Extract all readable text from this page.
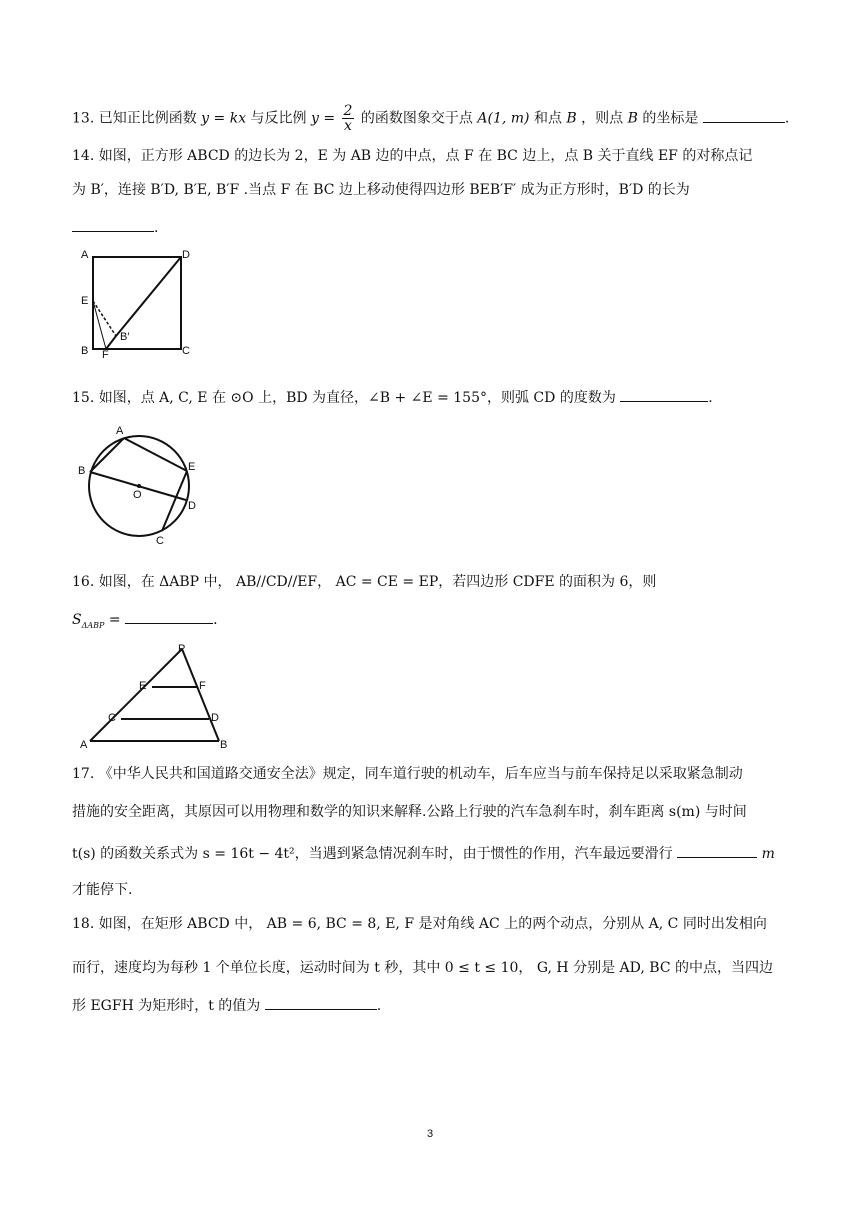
13. 已知正比例函数 y = kx 与反比例 $y = \frac{2}{x}$ 的函数图象交于点 A(1, m) 和点 B ，则点 B 的坐标是	.
14. 如图，正方形 ABCD 的边长为 2，E 为 AB 边的中点，点 F 在 BC 边上，点 B 关于直线 EF 的对称点记
为 B′，连接 B′D, B′E, B′F .当点 F 在 BC 边上移动使得四边形 BEB′F′ 成为正方形时，B′D 的长为
.
A	D
E
B′
B F	C
15. 如图，点 A, C, E 在 ⊙O 上，BD 为直径，∠B + ∠E = 155°，则弧 CD 的度数为	.
A
B	E
O
D
C
16. 如图，在 ΔABP 中， AB//CD//EF， AC = CE = EP，若四边形 CDFE 的面积为 6，则
$S_{\Delta ABP}$ =	.
P
E	F
C	D
A	B
17. 《中华人民共和国道路交通安全法》规定，同车道行驶的机动车，后车应当与前车保持足以采取紧急制动
措施的安全距离，其原因可以用物理和数学的知识来解释.公路上行驶的汽车急刹车时，刹车距离 s(m) 与时间
t(s) 的函数关系式为 s = 16t − 4t²，当遇到紧急情况刹车时，由于惯性的作用，汽车最远要滑行	m
才能停下.
18. 如图，在矩形 ABCD 中， AB = 6, BC = 8, E, F 是对角线 AC 上的两个动点，分别从 A, C 同时出发相向
而行，速度均为每秒 1 个单位长度，运动时间为 t 秒，其中 0 ≤ t ≤ 10， G, H 分别是 AD, BC 的中点，当四边
形 EGFH 为矩形时，t 的值为	.
3
